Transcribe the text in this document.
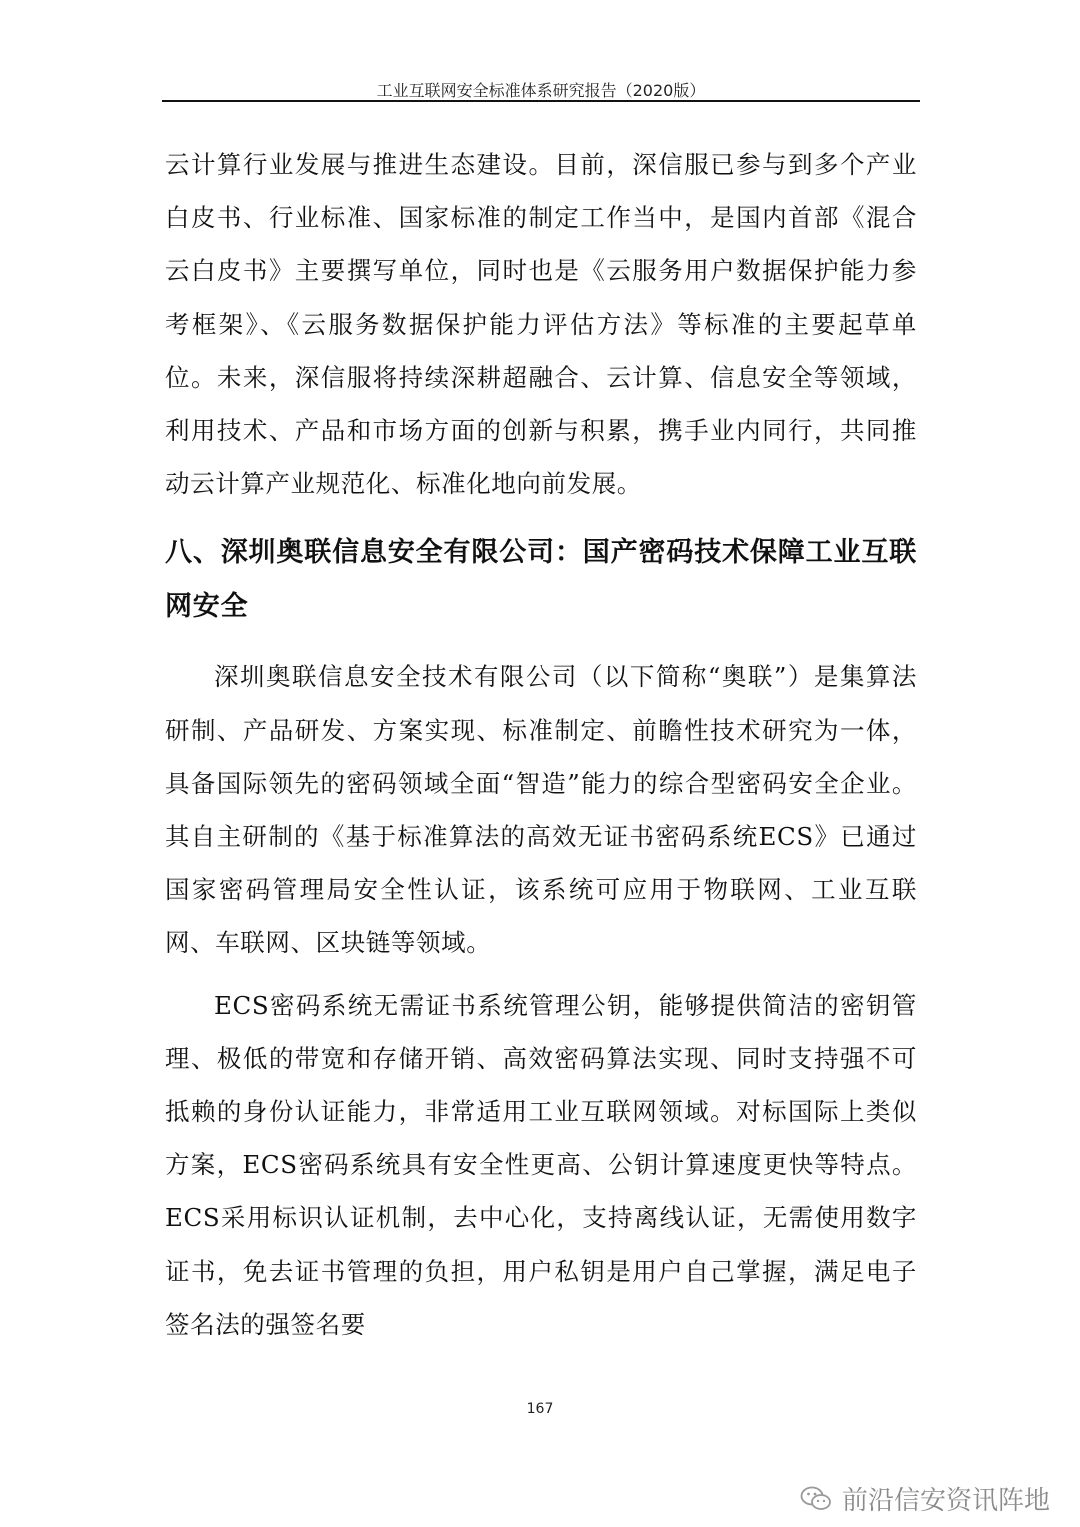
工业互联网安全标准体系研究报告（2020版）

云计算行业发展与推进生态建设。目前，深信服已参与到多个产业白皮书、行业标准、国家标准的制定工作当中，是国内首部《混合云白皮书》主要撰写单位，同时也是《云服务用户数据保护能力参考框架》、《云服务数据保护能力评估方法》等标准的主要起草单位。未来，深信服将持续深耕超融合、云计算、信息安全等领域，利用技术、产品和市场方面的创新与积累，携手业内同行，共同推动云计算产业规范化、标准化地向前发展。

八、深圳奥联信息安全有限公司：国产密码技术保障工业互联网安全

深圳奥联信息安全技术有限公司（以下简称“奥联”）是集算法研制、产品研发、方案实现、标准制定、前瞻性技术研究为一体，具备国际领先的密码领域全面“智造”能力的综合型密码安全企业。其自主研制的《基于标准算法的高效无证书密码系统ECS》已通过国家密码管理局安全性认证，该系统可应用于物联网、工业互联网、车联网、区块链等领域。

ECS密码系统无需证书系统管理公钥，能够提供简洁的密钥管理、极低的带宽和存储开销、高效密码算法实现、同时支持强不可抵赖的身份认证能力，非常适用工业互联网领域。对标国际上类似方案，ECS密码系统具有安全性更高、公钥计算速度更快等特点。ECS采用标识认证机制，去中心化，支持离线认证，无需使用数字证书，免去证书管理的负担，用户私钥是用户自己掌握，满足电子签名法的强签名要

167
前沿信安资讯阵地
